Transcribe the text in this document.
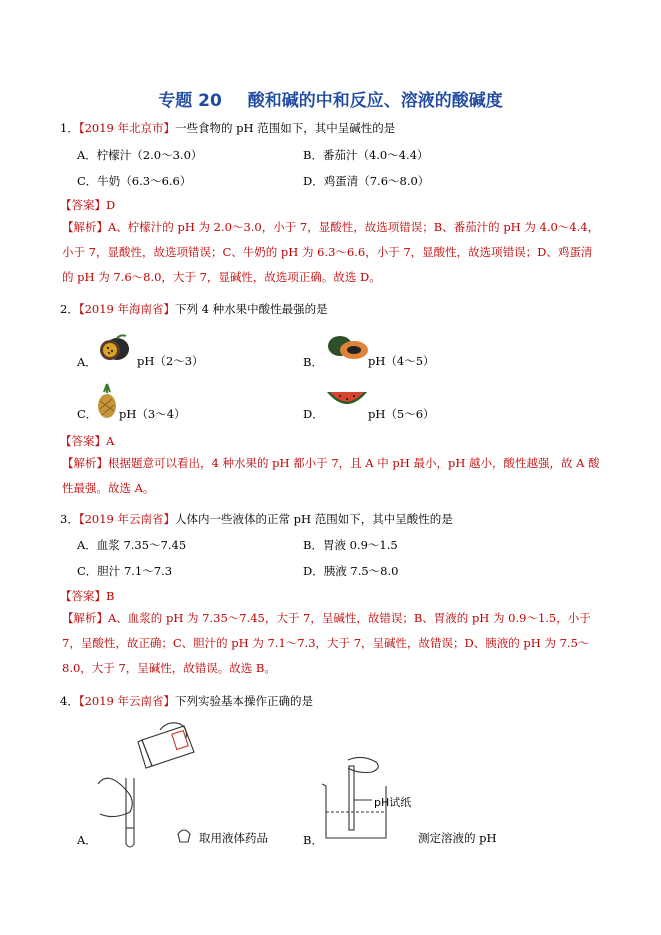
专题 20 酸和碱的中和反应、溶液的酸碱度
1．【2019 年北京市】一些食物的 pH 范围如下，其中呈碱性的是
A．柠檬汁（2.0～3.0）	B．番茄汁（4.0～4.4）
C．牛奶（6.3～6.6）	D．鸡蛋清（7.6～8.0）
【答案】D
【解析】A、柠檬汁的 pH 为 2.0～3.0，小于 7，显酸性，故选项错误；B、番茄汁的 pH 为 4.0～4.4，小于 7，显酸性，故选项错误；C、牛奶的 pH 为 6.3～6.6，小于 7，显酸性，故选项错误；D、鸡蛋清的 pH 为 7.6～8.0，大于 7，显碱性，故选项正确。故选 D。
2．【2019 年海南省】下列 4 种水果中酸性最强的是
A．	pH（2～3）	B．	pH（4～5）
C． pH（3～4）	D．	pH（5～6）
【答案】A
【解析】根据题意可以看出，4 种水果的 pH 都小于 7，且 A 中 pH 最小，pH 越小，酸性越强，故 A 酸性最强。故选 A。
3．【2019 年云南省】人体内一些液体的正常 pH 范围如下，其中呈酸性的是
A．血浆 7.35～7.45	B．胃液 0.9～1.5
C．胆汁 7.1～7.3	D．胰液 7.5～8.0
【答案】B
【解析】A、血浆的 pH 为 7.35～7.45，大于 7，呈碱性，故错误；B、胃液的 pH 为 0.9～1.5，小于 7，呈酸性，故正确；C、胆汁的 pH 为 7.1～7.3，大于 7，呈碱性，故错误；D、胰液的 pH 为 7.5～8.0，大于 7，呈碱性，故错误。故选 B。
4．【2019 年云南省】下列实验基本操作正确的是
A．	取用液体药品
pH试纸
B．	测定溶液的 pH
